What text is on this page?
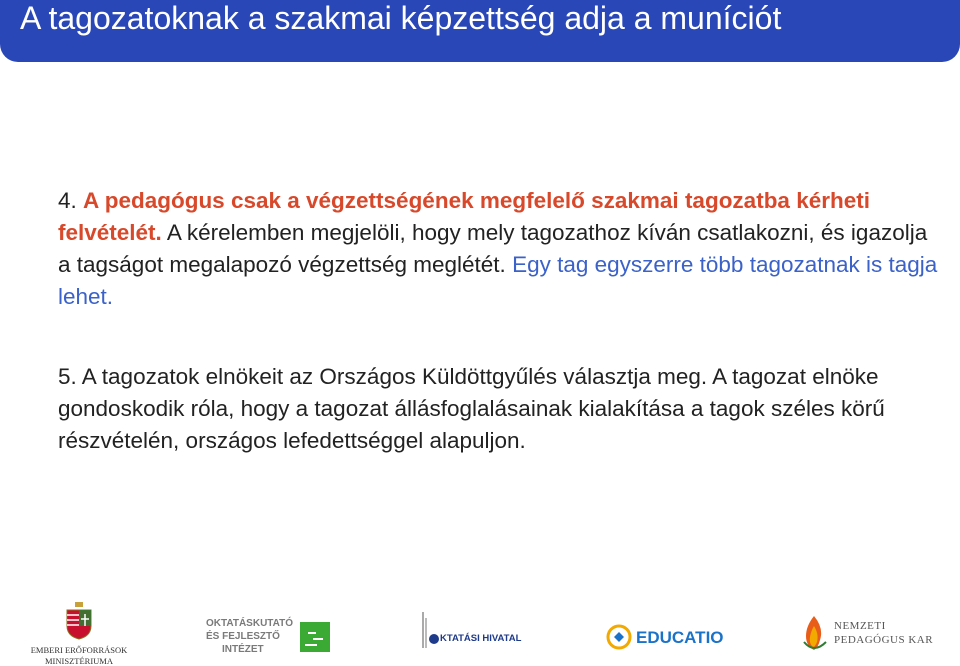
A tagozatoknak a szakmai képzettség adja a muníciót
4. A pedagógus csak a végzettségének megfelelő szakmai tagozatba kérheti felvételét. A kérelemben megjelöli, hogy mely tagozathoz kíván csatlakozni, és igazolja a tagságot megalapozó végzettség meglétét. Egy tag egyszerre több tagozatnak is tagja lehet.
5. A tagozatok elnökeit az Országos Küldöttgyűlés választja meg. A tagozat elnöke gondoskodik róla, hogy a tagozat állásfoglalásainak kialakítása a tagok széles körű részvételén, országos lefedettséggel alapuljon.
EMBERI ERŐFORRÁSOK
MINISZTÉRIUMA
OKTATÁSKUTATÓ
ÉS FEJLESZTŐ
INTÉZET
KTATÁSI HIVATAL	EDUCATIO
NEMZETI
PEDAGÓGUS KAR
